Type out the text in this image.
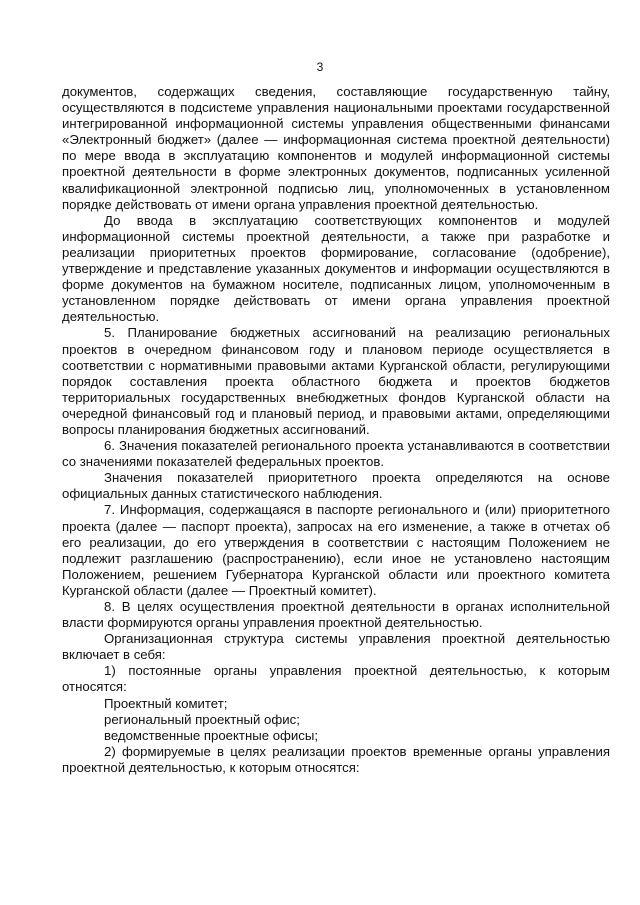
3

документов, содержащих сведения, составляющие государственную тайну, осуществляются в подсистеме управления национальными проектами государственной интегрированной информационной системы управления общественными финансами «Электронный бюджет» (далее — информационная система проектной деятельности) по мере ввода в эксплуатацию компонентов и модулей информационной системы проектной деятельности в форме электронных документов, подписанных усиленной квалификационной электронной подписью лиц, уполномоченных в установленном порядке действовать от имени органа управления проектной деятельностью.

До ввода в эксплуатацию соответствующих компонентов и модулей информационной системы проектной деятельности, а также при разработке и реализации приоритетных проектов формирование, согласование (одобрение), утверждение и представление указанных документов и информации осуществляются в форме документов на бумажном носителе, подписанных лицом, уполномоченным в установленном порядке действовать от имени органа управления проектной деятельностью.

5. Планирование бюджетных ассигнований на реализацию региональных проектов в очередном финансовом году и плановом периоде осуществляется в соответствии с нормативными правовыми актами Курганской области, регулирующими порядок составления проекта областного бюджета и проектов бюджетов территориальных государственных внебюджетных фондов Курганской области на очередной финансовый год и плановый период, и правовыми актами, определяющими вопросы планирования бюджетных ассигнований.

6. Значения показателей регионального проекта устанавливаются в соответствии со значениями показателей федеральных проектов.

Значения показателей приоритетного проекта определяются на основе официальных данных статистического наблюдения.

7. Информация, содержащаяся в паспорте регионального и (или) приоритетного проекта (далее — паспорт проекта), запросах на его изменение, а также в отчетах об его реализации, до его утверждения в соответствии с настоящим Положением не подлежит разглашению (распространению), если иное не установлено настоящим Положением, решением Губернатора Курганской области или проектного комитета Курганской области (далее — Проектный комитет).

8. В целях осуществления проектной деятельности в органах исполнительной власти формируются органы управления проектной деятельностью.

Организационная структура системы управления проектной деятельностью включает в себя:

1) постоянные органы управления проектной деятельностью, к которым относятся:

Проектный комитет;

региональный проектный офис;

ведомственные проектные офисы;

2) формируемые в целях реализации проектов временные органы управления проектной деятельностью, к которым относятся:
